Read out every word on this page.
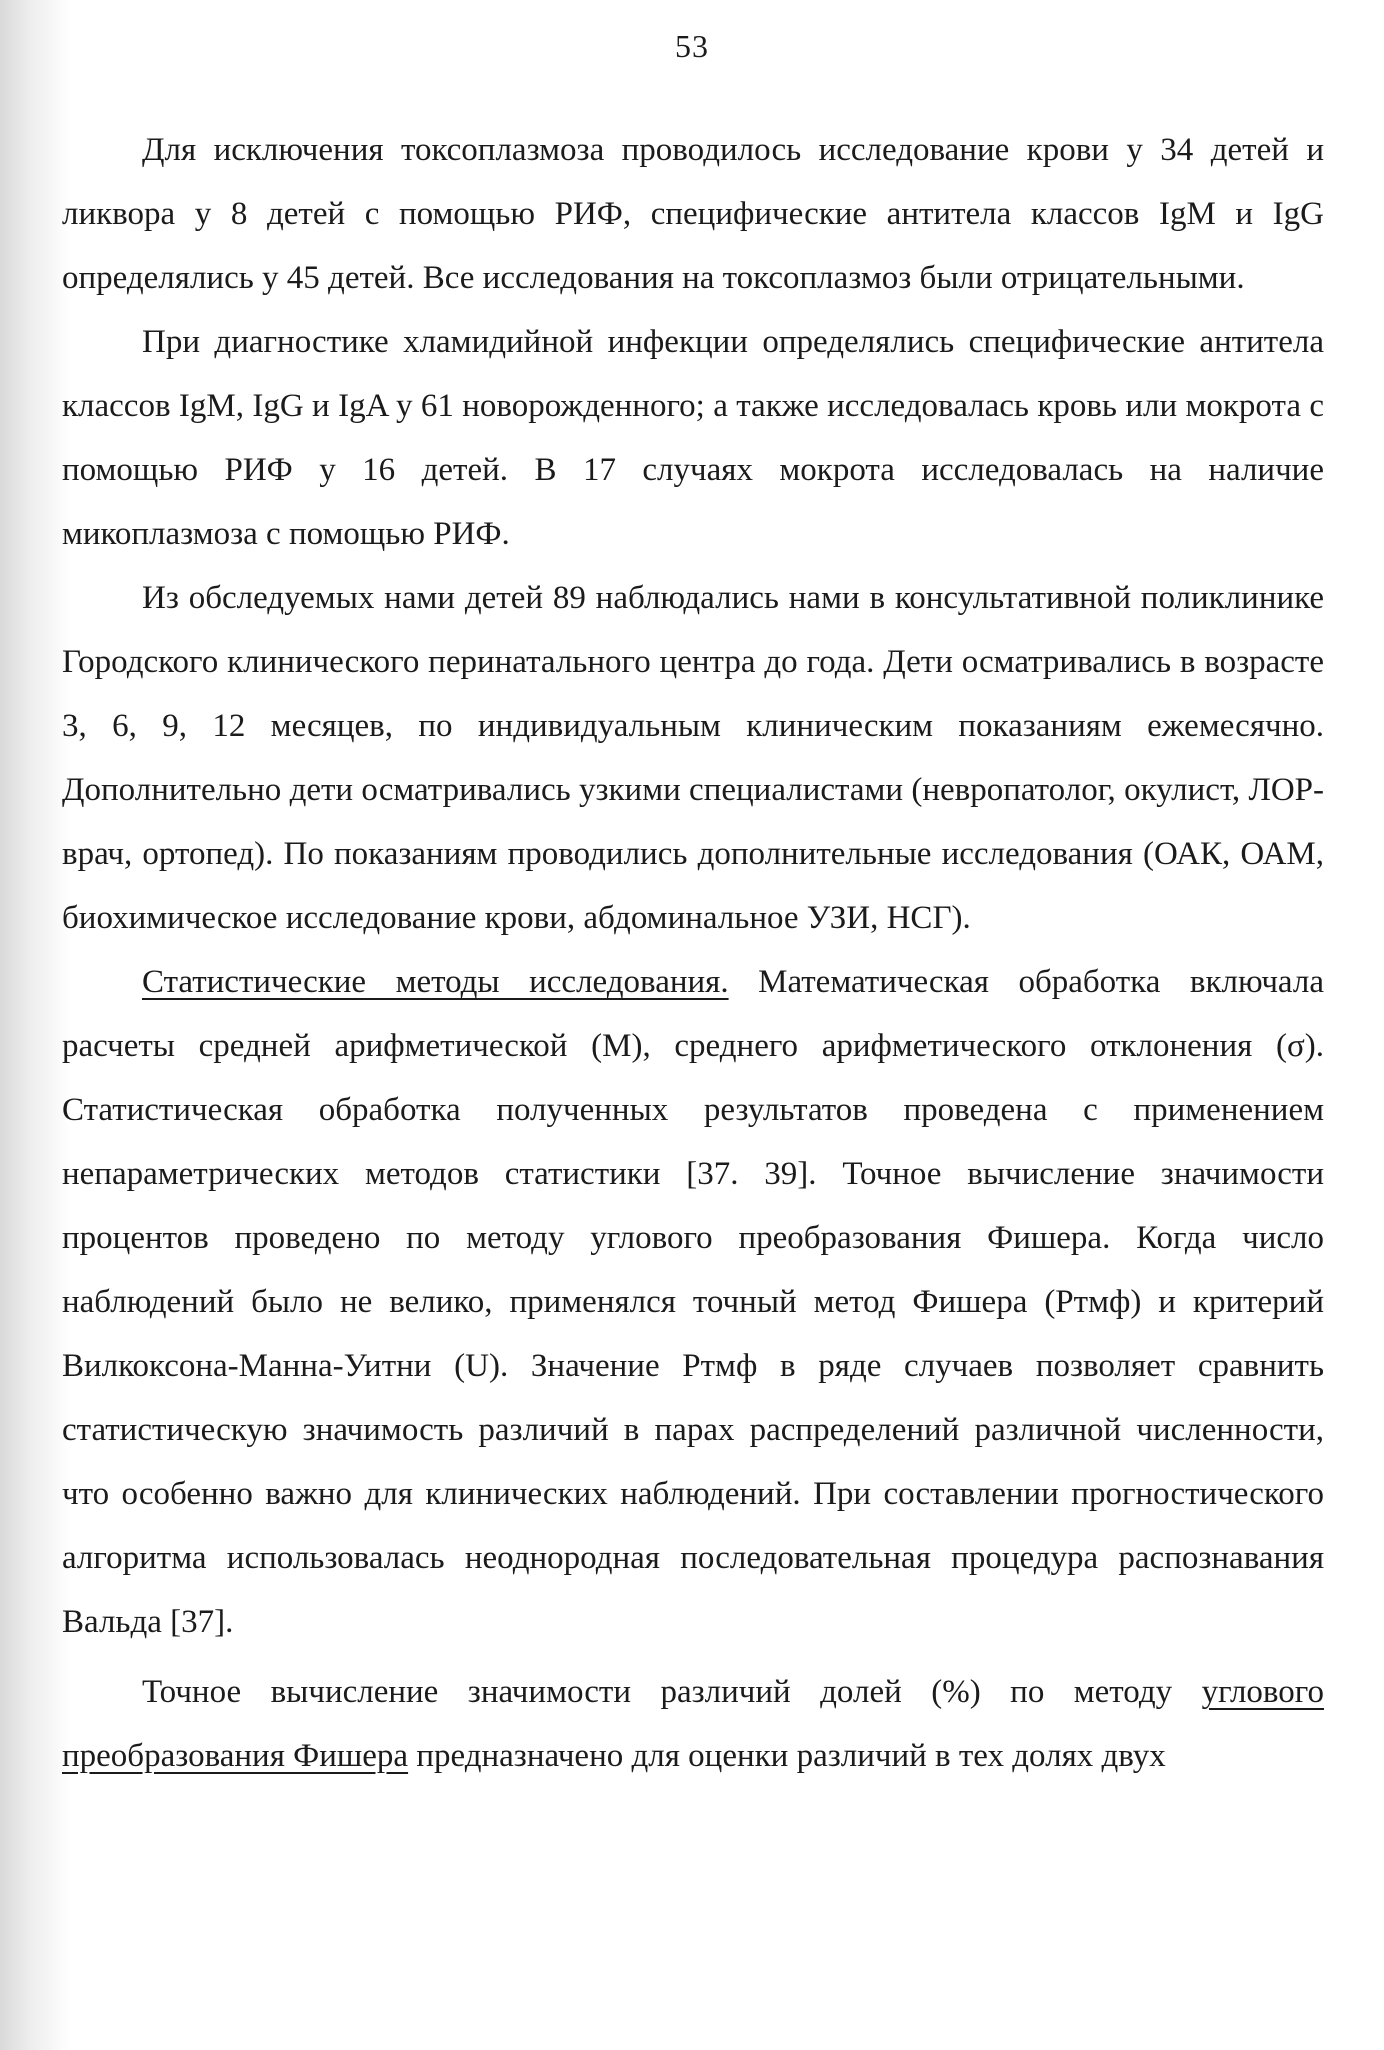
53

Для исключения токсоплазмоза проводилось исследование крови у 34 детей и ликвора у 8 детей с помощью РИФ, специфические антитела классов IgM и IgG определялись у 45 детей. Все исследования на токсоплазмоз были отрицательными.

При диагностике хламидийной инфекции определялись специфические антитела классов IgM, IgG и IgA у 61 новорожденного; а также исследовалась кровь или мокрота с помощью РИФ у 16 детей. В 17 случаях мокрота исследовалась на наличие микоплазмоза с помощью РИФ.

Из обследуемых нами детей 89 наблюдались нами в консультативной поликлинике Городского клинического перинатального центра до года. Дети осматривались в возрасте 3, 6, 9, 12 месяцев, по индивидуальным клиническим показаниям ежемесячно. Дополнительно дети осматривались узкими специалистами (невропатолог, окулист, ЛОР-врач, ортопед). По показаниям проводились дополнительные исследования (ОАК, ОАМ, биохимическое исследование крови, абдоминальное УЗИ, НСГ).

Статистические методы исследования. Математическая обработка включала расчеты средней арифметической (М), среднего арифметического отклонения (σ). Статистическая обработка полученных результатов проведена с применением непараметрических методов статистики [37. 39]. Точное вычисление значимости процентов проведено по методу углового преобразования Фишера. Когда число наблюдений было не велико, применялся точный метод Фишера (Ртмф) и критерий Вилкоксона-Манна-Уитни (U). Значение Ртмф в ряде случаев позволяет сравнить статистическую значимость различий в парах распределений различной численности, что особенно важно для клинических наблюдений. При составлении прогностического алгоритма использовалась неоднородная последовательная процедура распознавания Вальда [37].

Точное вычисление значимости различий долей (%) по методу углового преобразования Фишера предназначено для оценки различий в тех долях двух
